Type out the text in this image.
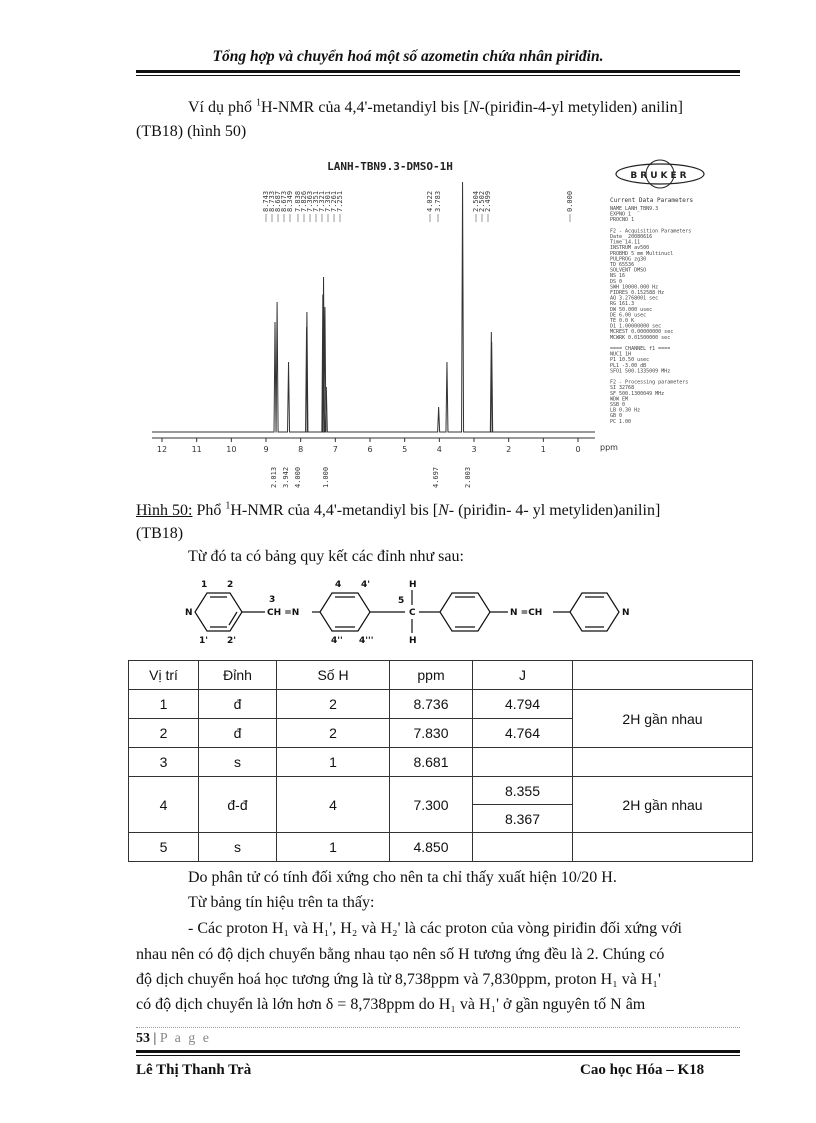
Tổng hợp và chuyển hoá một số azometin chứa nhân piriđin.
Ví dụ phổ $^1$H-NMR của 4,4'-metandiyl bis [N-(piriđin-4-yl metyliden) anilin]
(TB18) (hình 50)
LANH-TBN9.3-DMSO-1H
BRUKER
8.743
8.733
8.687
8.673
8.349 7.838
7.826
7.363
7.351
7.321
7.301
7.261
7.251	4.022 3.783	2.504
2.502
2.499	0.000
12	11	10	9	8	7	6	5	4	3	2	1	0 ppm
2.013 3.942 4.000	1.000	4.697	2.003
Current Data Parameters
NAME LANH_TBN9.3
EXPNO 1
PROCNO 1
F2 - Acquisition Parameters
Date_ 20080616
Time 14.11
INSTRUM av500
PROBHD 5 mm Multinucl
PULPROG zg30
TD 65536
SOLVENT DMSO
NS 16
DS 0
SWH 10000.000 Hz
FIDRES 0.152588 Hz
AQ 3.2768001 sec
RG 161.3
DW 50.000 usec
DE 6.00 usec
TE 0.0 K
D1 1.00000000 sec
MCREST 0.00000000 sec
MCWRK 0.01500000 sec
==== CHANNEL f1 ====
NUC1 1H
P1 10.50 usec
PL1 -3.00 dB
SFO1 500.1335009 MHz
F2 - Processing parameters
SI 32768
SF 500.1300049 MHz
WDW EM
SSB 0
LB 0.30 Hz
GB 0
PC 1.00
Hình 50: Phổ $^1$H-NMR của 4,4'-metandiyl bis [N- (piriđin- 4- yl metyliden)anilin]
(TB18)
Từ đó ta có bảng quy kết các đỉnh như sau:
1 2
1' 2'
N
3
CH =N
4 4'
4'' 4'''
5
H
C
H
N =CH	N
Vị trí	Đỉnh	Số H	ppm	J	
1	đ	2	8.736	4.794	2H gần nhau
2	đ	2	7.830	4.764	
3	s	1	8.681		
4	đ-đ	4	7.300	8.355	2H gần nhau
				8.367	
5	s	1	4.850		
Do phân tử có tính đối xứng cho nên ta chỉ thấy xuất hiện 10/20 H.
Từ bảng tín hiệu trên ta thấy:
- Các proton H₁ và H₁', H₂ và H₂' là các proton của vòng piriđin đối xứng với
nhau nên có độ dịch chuyển bằng nhau tạo nên số H tương ứng đều là 2. Chúng có
độ dịch chuyển hoá học tương ứng là từ 8,738ppm và 7,830ppm, proton H₁ và H₁'
có độ dịch chuyển là lớn hơn δ = 8,738ppm do H₁ và H₁' ở gần nguyên tố N âm
53 | P a g e
Lê Thị Thanh Trà	Cao học Hóa – K18
